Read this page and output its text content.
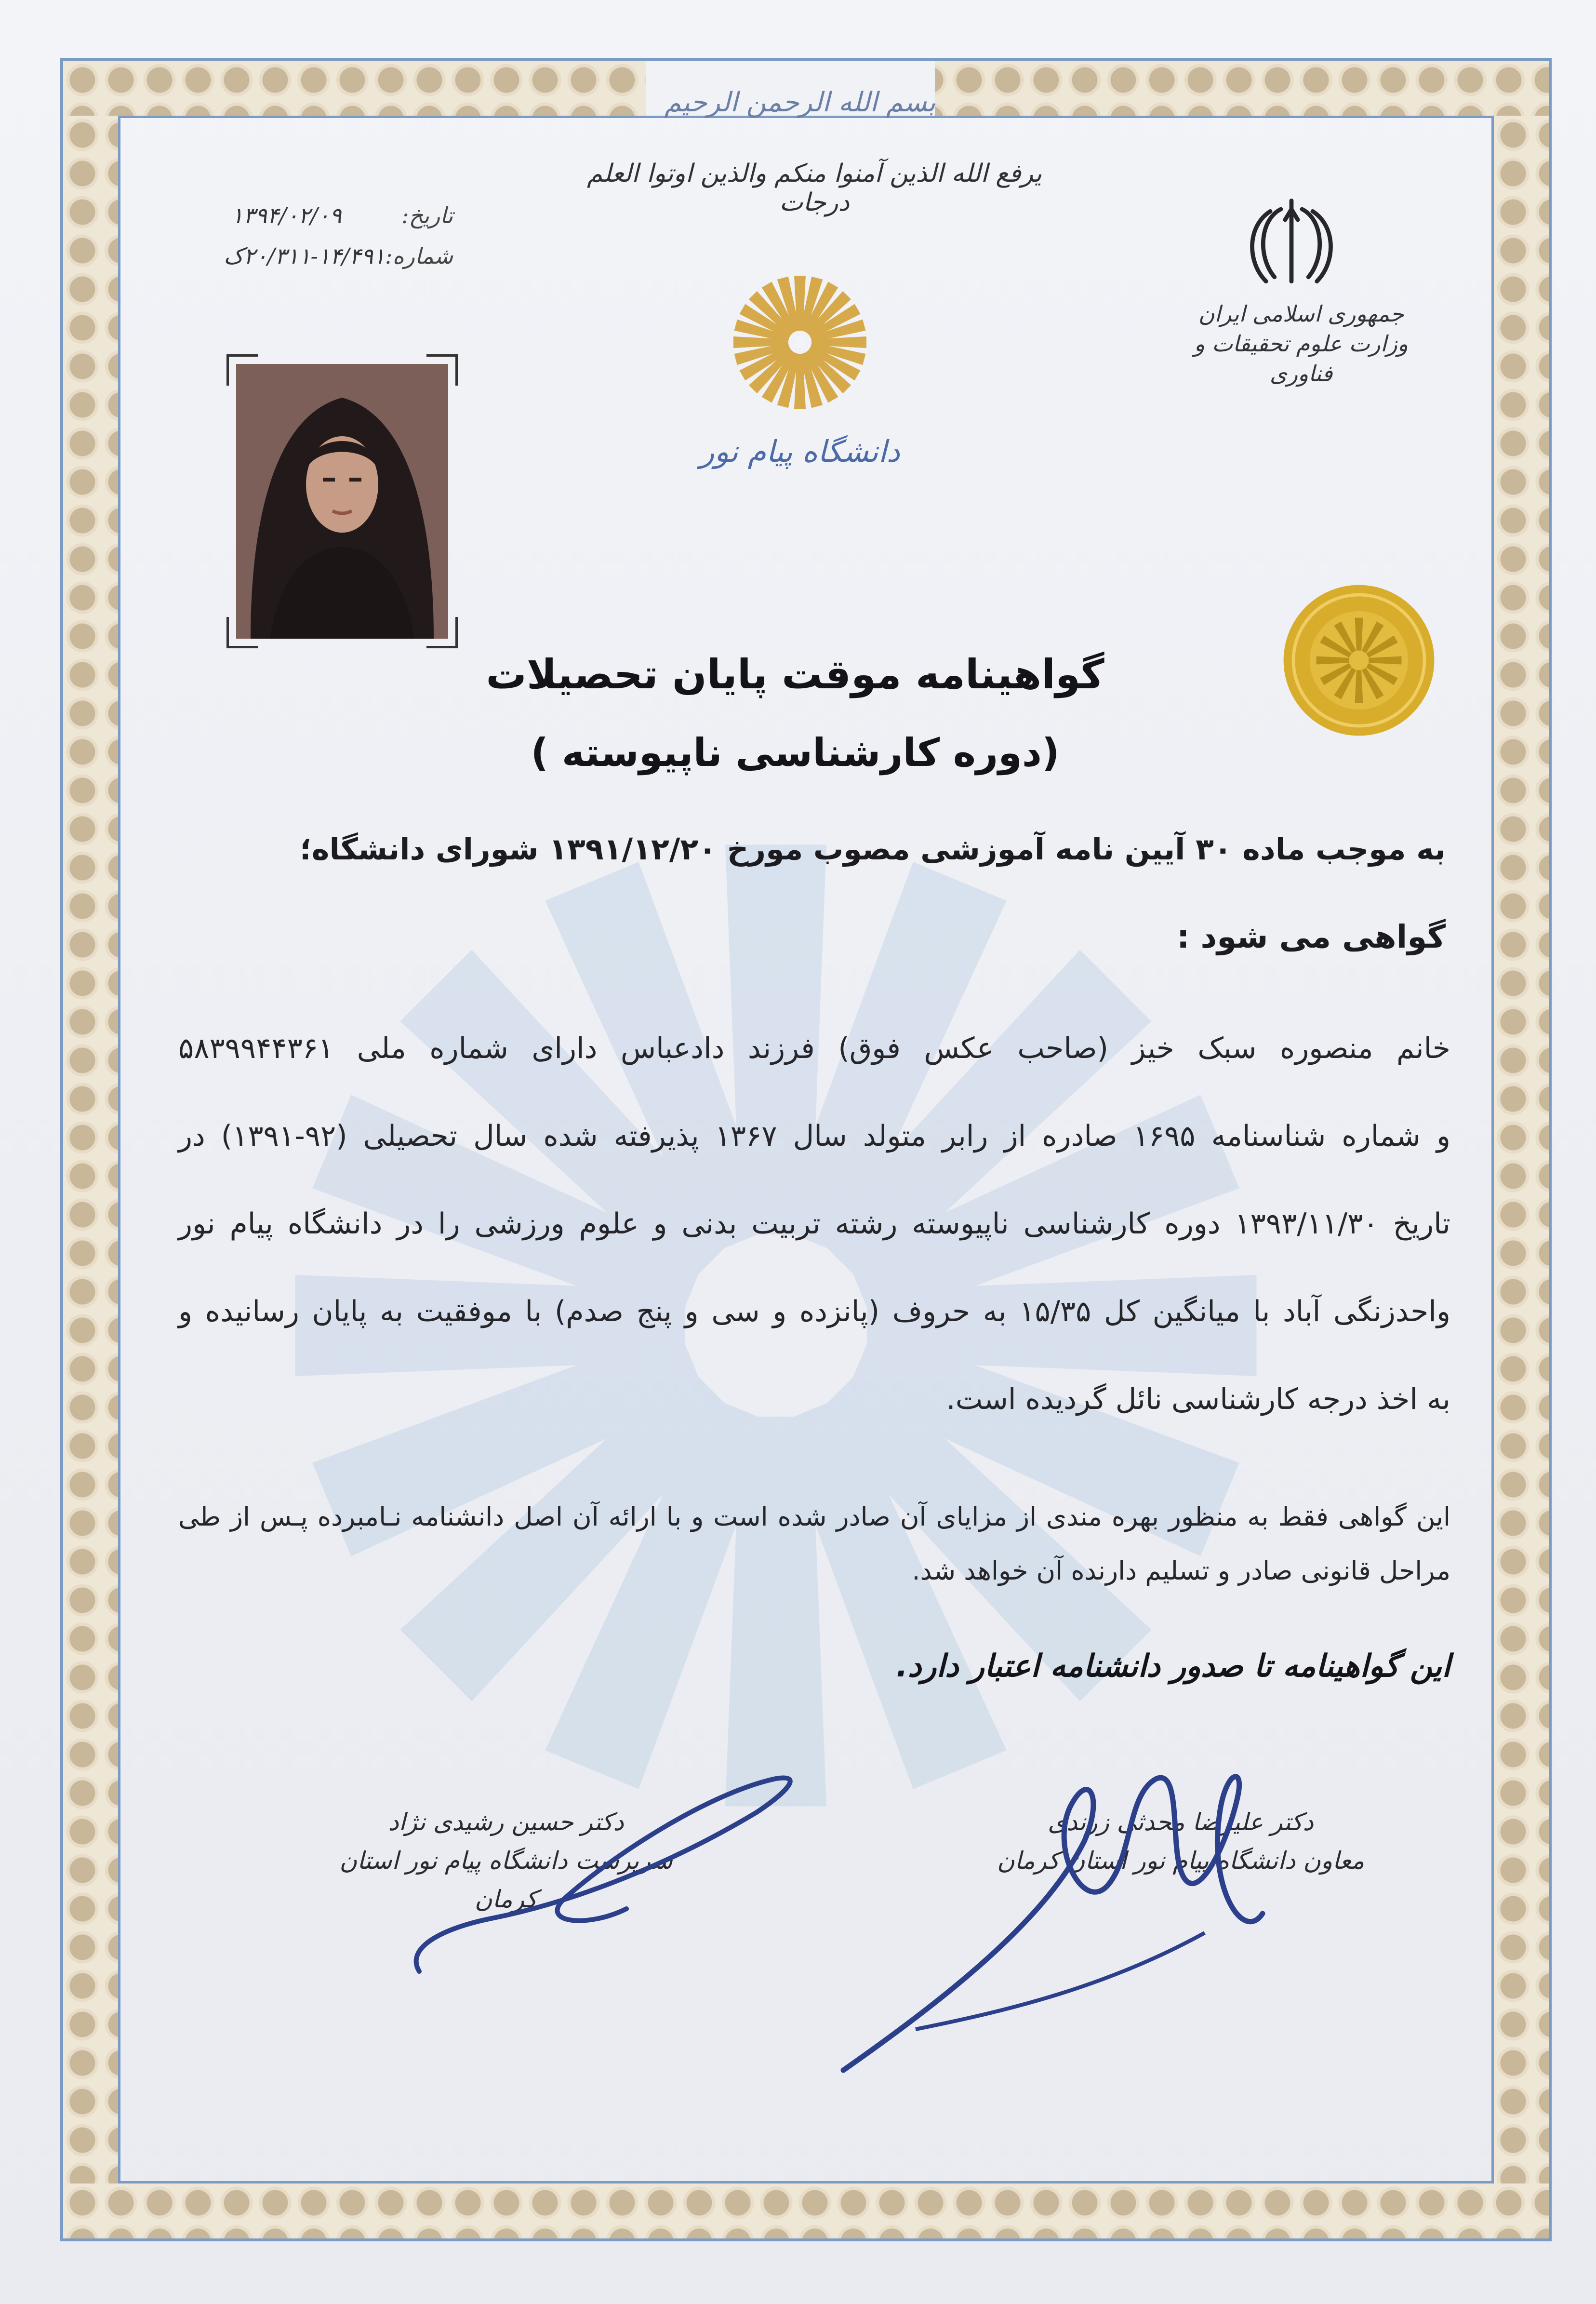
بسم الله الرحمن الرحیم
یرفع الله الذین آمنوا منکم والذین اوتوا العلم درجات
تاریخ:
۱۳۹۴/۰۲/۰۹
شماره:
۲۰/۳۱۱-۱۴/۴۹۱ک
جمهوری اسلامی ایران
وزارت علوم تحقیقات و فناوری
دانشگاه پیام نور
گواهینامه موقت پایان تحصیلات
(دوره کارشناسی ناپیوسته )
به موجب ماده ۳۰ آیین نامه آموزشی مصوب مورخ ۱۳۹۱/۱۲/۲۰ شورای دانشگاه؛
گواهی می شود :
خانم منصوره سبک خیز (صاحب عکس فوق) فرزند دادعباس دارای شماره ملی ۵۸۳۹۹۴۴۳۶۱
و شماره شناسنامه ۱۶۹۵ صادره از رابر متولد سال ۱۳۶۷ پذیرفته شده سال تحصیلی (۹۲-۱۳۹۱) در
تاریخ ۱۳۹۳/۱۱/۳۰ دوره کارشناسی ناپیوسته رشته تربیت بدنی و علوم ورزشی را در دانشگاه پیام نور
واحدزنگی آباد با میانگین کل ۱۵/۳۵ به حروف (پانزده و سی و پنج صدم) با موفقیت به پایان رسانیده و
به اخذ درجه کارشناسی نائل گردیده است.
این گواهی فقط به منظور بهره مندی از مزایای آن صادر شده است و با ارائه آن اصل دانشنامه نـامبرده پـس از طی
مراحل قانونی صادر و تسلیم دارنده آن خواهد شد.
این گواهینامه تا صدور دانشنامه اعتبار دارد.
دکتر علیرضا محدثی زرندی
معاون دانشگاه پیام نور استان کرمان
دکتر حسین رشیدی نژاد
سرپرست دانشگاه پیام نور استان کرمان
